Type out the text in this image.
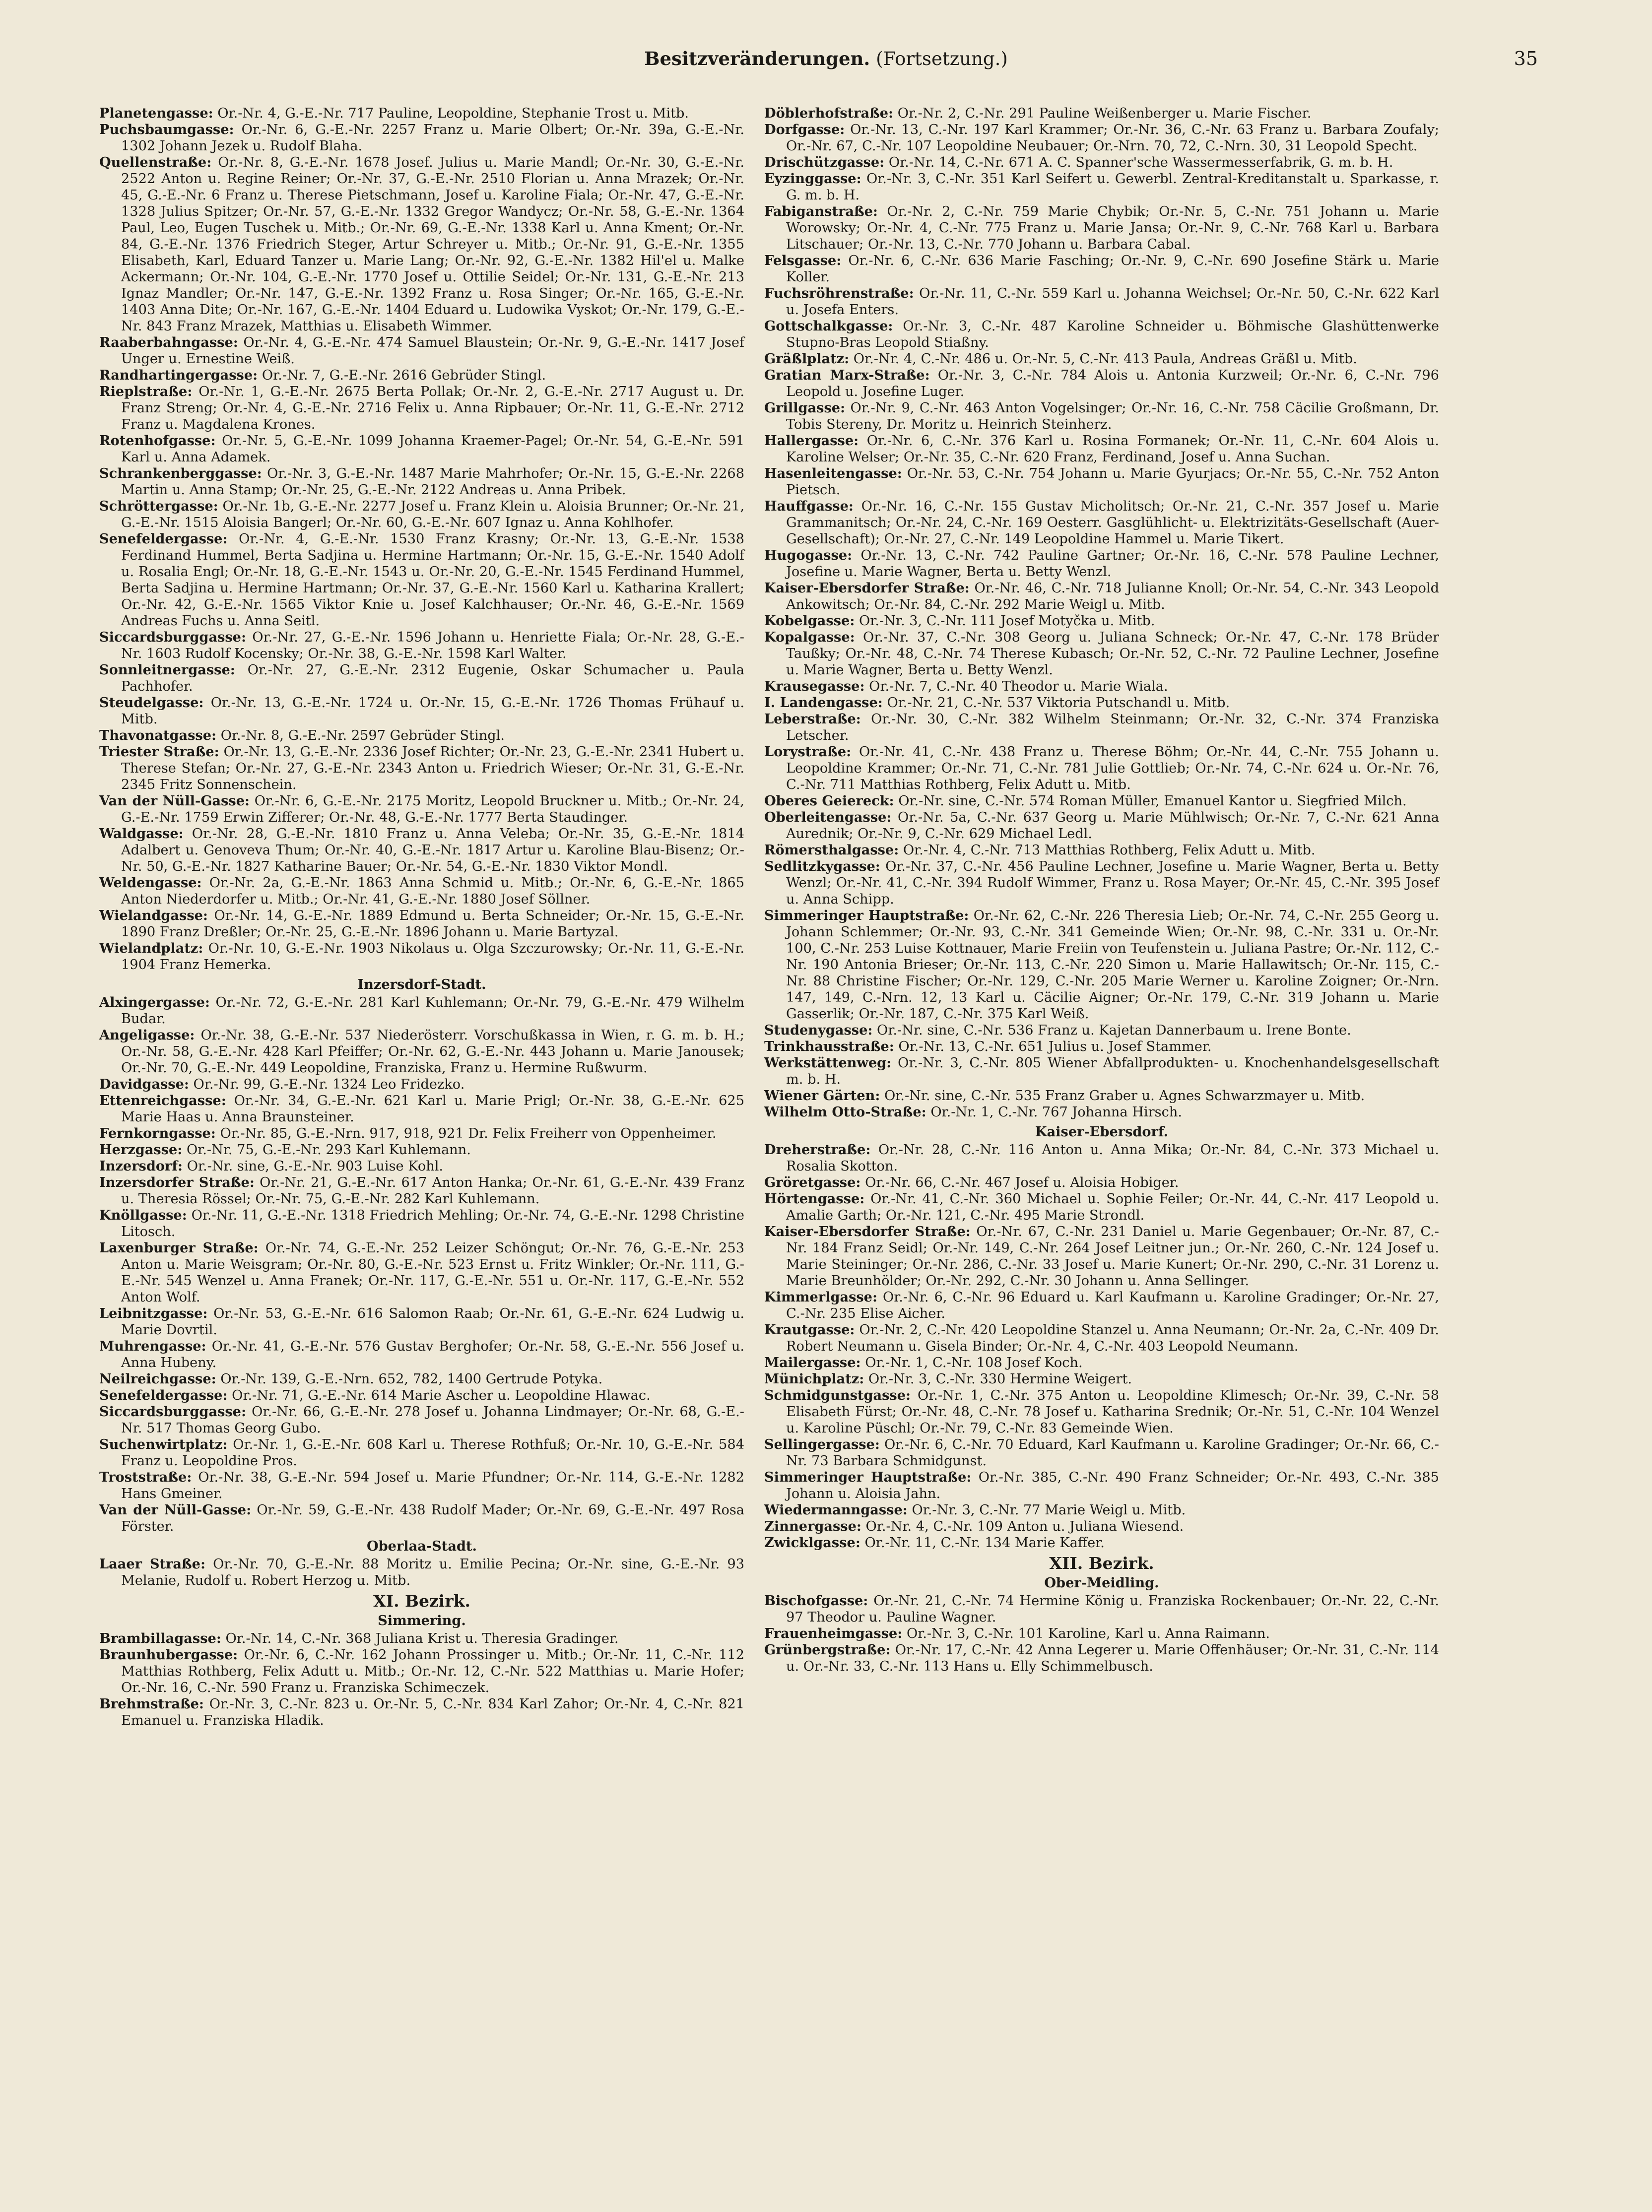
Besitzveränderungen. (Fortsetzung.)	35

Planetengasse: Or.-Nr. 4, G.-E.-Nr. 717 Pauline, Leopoldine, Stephanie Trost u. Mitb.

Puchsbaumgasse: Or.-Nr. 6, G.-E.-Nr. 2257 Franz u. Marie Olbert; Or.-Nr. 39a, G.-E.-Nr. 1302 Johann Jezek u. Rudolf Blaha.

Quellenstraße: Or.-Nr. 8, G.-E.-Nr. 1678 Josef. Julius u. Marie Mandl; Or.-Nr. 30, G.-E.-Nr. 2522 Anton u. Regine Reiner; Or.-Nr. 37, G.-E.-Nr. 2510 Florian u. Anna Mrazek; Or.-Nr. 45, G.-E.-Nr. 6 Franz u. Therese Pietschmann, Josef u. Karoline Fiala; Or.-Nr. 47, G.-E.-Nr. 1328 Julius Spitzer; Or.-Nr. 57, G.-E.-Nr. 1332 Gregor Wandycz; Or.-Nr. 58, G.-E.-Nr. 1364 Paul, Leo, Eugen Tuschek u. Mitb.; Or.-Nr. 69, G.-E.-Nr. 1338 Karl u. Anna Kment; Or.-Nr. 84, G.-E.-Nr. 1376 Friedrich Steger, Artur Schreyer u. Mitb.; Or.-Nr. 91, G.-E.-Nr. 1355 Elisabeth, Karl, Eduard Tanzer u. Marie Lang; Or.-Nr. 92, G.-E.-Nr. 1382 Hil'el u. Malke Ackermann; Or.-Nr. 104, G.-E.-Nr. 1770 Josef u. Ottilie Seidel; Or.-Nr. 131, G.-E.-Nr. 213 Ignaz Mandler; Or.-Nr. 147, G.-E.-Nr. 1392 Franz u. Rosa Singer; Or.-Nr. 165, G.-E.-Nr. 1403 Anna Dite; Or.-Nr. 167, G.-E.-Nr. 1404 Eduard u. Ludowika Vyskot; Or.-Nr. 179, G.-E.-Nr. 843 Franz Mrazek, Matthias u. Elisabeth Wimmer.

Raaberbahngasse: Or.-Nr. 4, G.-E.-Nr. 474 Samuel Blaustein; Or.-Nr. 9, G.-E.-Nr. 1417 Josef Unger u. Ernestine Weiß.

Randhartingergasse: Or.-Nr. 7, G.-E.-Nr. 2616 Gebrüder Stingl.

Rieplstraße: Or.-Nr. 1, G.-E.-Nr. 2675 Berta Pollak; Or.-Nr. 2, G.-E.-Nr. 2717 August u. Dr. Franz Streng; Or.-Nr. 4, G.-E.-Nr. 2716 Felix u. Anna Ripbauer; Or.-Nr. 11, G.-E.-Nr. 2712 Franz u. Magdalena Krones.

Rotenhofgasse: Or.-Nr. 5, G.-E.-Nr. 1099 Johanna Kraemer-Pagel; Or.-Nr. 54, G.-E.-Nr. 591 Karl u. Anna Adamek.

Schrankenberggasse: Or.-Nr. 3, G.-E.-Nr. 1487 Marie Mahrhofer; Or.-Nr. 15, G.-E.-Nr. 2268 Martin u. Anna Stamp; Or.-Nr. 25, G.-E.-Nr. 2122 Andreas u. Anna Pribek.

Schröttergasse: Or.-Nr. 1b, G.-E.-Nr. 2277 Josef u. Franz Klein u. Aloisia Brunner; Or.-Nr. 21, G.-E.-Nr. 1515 Aloisia Bangerl; Or.-Nr. 60, G.-E.-Nr. 607 Ignaz u. Anna Kohlhofer.

Senefeldergasse: Or.-Nr. 4, G.-E.-Nr. 1530 Franz Krasny; Or.-Nr. 13, G.-E.-Nr. 1538 Ferdinand Hummel, Berta Sadjina u. Hermine Hartmann; Or.-Nr. 15, G.-E.-Nr. 1540 Adolf u. Rosalia Engl; Or.-Nr. 18, G.-E.-Nr. 1543 u. Or.-Nr. 20, G.-E.-Nr. 1545 Ferdinand Hummel, Berta Sadjina u. Hermine Hartmann; Or.-Nr. 37, G.-E.-Nr. 1560 Karl u. Katharina Krallert; Or.-Nr. 42, G.-E.-Nr. 1565 Viktor Knie u. Josef Kalchhauser; Or.-Nr. 46, G.-E.-Nr. 1569 Andreas Fuchs u. Anna Seitl.

Siccardsburggasse: Or.-Nr. 27, G.-E.-Nr. 1596 Johann u. Henriette Fiala; Or.-Nr. 28, G.-E.-Nr. 1603 Rudolf Kocensky; Or.-Nr. 38, G.-E.-Nr. 1598 Karl Walter.

Sonnleitnergasse: Or.-Nr. 27, G.-E.-Nr. 2312 Eugenie, Oskar Schumacher u. Paula Pachhofer.

Steudelgasse: Or.-Nr. 13, G.-E.-Nr. 1724 u. Or.-Nr. 15, G.-E.-Nr. 1726 Thomas Frühauf u. Mitb.

Thavonatgasse: Or.-Nr. 8, G.-E.-Nr. 2597 Gebrüder Stingl.

Triester Straße: Or.-Nr. 13, G.-E.-Nr. 2336 Josef Richter; Or.-Nr. 23, G.-E.-Nr. 2341 Hubert u. Therese Stefan; Or.-Nr. 27, G.-E.-Nr. 2343 Anton u. Friedrich Wieser; Or.-Nr. 31, G.-E.-Nr. 2345 Fritz Sonnenschein.

Van der Nüll-Gasse: Or.-Nr. 6, G.-E.-Nr. 2175 Moritz, Leopold Bruckner u. Mitb.; Or.-Nr. 24, G.-E.-Nr. 1759 Erwin Zifferer; Or.-Nr. 48, G.-E.-Nr. 1777 Berta Staudinger.

Waldgasse: Or.-Nr. 28, G.-E.-Nr. 1810 Franz u. Anna Veleba; Or.-Nr. 35, G.-E.-Nr. 1814 Adalbert u. Genoveva Thum; Or.-Nr. 40, G.-E.-Nr. 1817 Artur u. Karoline Blau-Bisenz; Or.-Nr. 50, G.-E.-Nr. 1827 Katharine Bauer; Or.-Nr. 54, G.-E.-Nr. 1830 Viktor Mondl.

Weldengasse: Or.-Nr. 2a, G.-E.-Nr. 1863 Anna Schmid u. Mitb.; Or.-Nr. 6, G.-E.-Nr. 1865 Anton Niederdorfer u. Mitb.; Or.-Nr. 41, G.-E.-Nr. 1880 Josef Söllner.

Wielandgasse: Or.-Nr. 14, G.-E.-Nr. 1889 Edmund u. Berta Schneider; Or.-Nr. 15, G.-E.-Nr. 1890 Franz Dreßler; Or.-Nr. 25, G.-E.-Nr. 1896 Johann u. Marie Bartyzal.

Wielandplatz: Or.-Nr. 10, G.-E.-Nr. 1903 Nikolaus u. Olga Szczurowsky; Or.-Nr. 11, G.-E.-Nr. 1904 Franz Hemerka.

Inzersdorf-Stadt.

Alxingergasse: Or.-Nr. 72, G.-E.-Nr. 281 Karl Kuhlemann; Or.-Nr. 79, G.-E.-Nr. 479 Wilhelm Budar.

Angeligasse: Or.-Nr. 38, G.-E.-Nr. 537 Niederösterr. Vorschußkassa in Wien, r. G. m. b. H.; Or.-Nr. 58, G.-E.-Nr. 428 Karl Pfeiffer; Or.-Nr. 62, G.-E.-Nr. 443 Johann u. Marie Janousek; Or.-Nr. 70, G.-E.-Nr. 449 Leopoldine, Franziska, Franz u. Hermine Rußwurm.

Davidgasse: Or.-Nr. 99, G.-E.-Nr. 1324 Leo Fridezko.

Ettenreichgasse: Or.-Nr. 34, G.-E.-Nr. 621 Karl u. Marie Prigl; Or.-Nr. 38, G.-E.-Nr. 625 Marie Haas u. Anna Braunsteiner.

Fernkorngasse: Or.-Nr. 85, G.-E.-Nrn. 917, 918, 921 Dr. Felix Freiherr von Oppenheimer.

Herzgasse: Or.-Nr. 75, G.-E.-Nr. 293 Karl Kuhlemann.

Inzersdorf: Or.-Nr. sine, G.-E.-Nr. 903 Luise Kohl.

Inzersdorfer Straße: Or.-Nr. 21, G.-E.-Nr. 617 Anton Hanka; Or.-Nr. 61, G.-E.-Nr. 439 Franz u. Theresia Rössel; Or.-Nr. 75, G.-E.-Nr. 282 Karl Kuhlemann.

Knöllgasse: Or.-Nr. 11, G.-E.-Nr. 1318 Friedrich Mehling; Or.-Nr. 74, G.-E.-Nr. 1298 Christine Litosch.

Laxenburger Straße: Or.-Nr. 74, G.-E.-Nr. 252 Leizer Schöngut; Or.-Nr. 76, G.-E.-Nr. 253 Anton u. Marie Weisgram; Or.-Nr. 80, G.-E.-Nr. 523 Ernst u. Fritz Winkler; Or.-Nr. 111, G.-E.-Nr. 545 Wenzel u. Anna Franek; Or.-Nr. 117, G.-E.-Nr. 551 u. Or.-Nr. 117, G.-E.-Nr. 552 Anton Wolf.

Leibnitzgasse: Or.-Nr. 53, G.-E.-Nr. 616 Salomon Raab; Or.-Nr. 61, G.-E.-Nr. 624 Ludwig u. Marie Dovrtil.

Muhrengasse: Or.-Nr. 41, G.-E.-Nr. 576 Gustav Berghofer; Or.-Nr. 58, G.-E.-Nr. 556 Josef u. Anna Hubeny.

Neilreichgasse: Or.-Nr. 139, G.-E.-Nrn. 652, 782, 1400 Gertrude Potyka.

Senefeldergasse: Or.-Nr. 71, G.-E.-Nr. 614 Marie Ascher u. Leopoldine Hlawac.

Siccardsburggasse: Or.-Nr. 66, G.-E.-Nr. 278 Josef u. Johanna Lindmayer; Or.-Nr. 68, G.-E.-Nr. 517 Thomas Georg Gubo.

Suchenwirtplatz: Or.-Nr. 1, G.-E.-Nr. 608 Karl u. Therese Rothfuß; Or.-Nr. 10, G.-E.-Nr. 584 Franz u. Leopoldine Pros.

Troststraße: Or.-Nr. 38, G.-E.-Nr. 594 Josef u. Marie Pfundner; Or.-Nr. 114, G.-E.-Nr. 1282 Hans Gmeiner.

Van der Nüll-Gasse: Or.-Nr. 59, G.-E.-Nr. 438 Rudolf Mader; Or.-Nr. 69, G.-E.-Nr. 497 Rosa Förster.

Oberlaa-Stadt.

Laaer Straße: Or.-Nr. 70, G.-E.-Nr. 88 Moritz u. Emilie Pecina; Or.-Nr. sine, G.-E.-Nr. 93 Melanie, Rudolf u. Robert Herzog u. Mitb.

XI. Bezirk.
Simmering.

Brambillagasse: Or.-Nr. 14, C.-Nr. 368 Juliana Krist u. Theresia Gradinger.

Braunhubergasse: Or.-Nr. 6, C.-Nr. 162 Johann Prossinger u. Mitb.; Or.-Nr. 11, C.-Nr. 112 Matthias Rothberg, Felix Adutt u. Mitb.; Or.-Nr. 12, C.-Nr. 522 Matthias u. Marie Hofer; Or.-Nr. 16, C.-Nr. 590 Franz u. Franziska Schimeczek.

Brehmstraße: Or.-Nr. 3, C.-Nr. 823 u. Or.-Nr. 5, C.-Nr. 834 Karl Zahor; Or.-Nr. 4, C.-Nr. 821 Emanuel u. Franziska Hladik.

Döblerhofstraße: Or.-Nr. 2, C.-Nr. 291 Pauline Weißenberger u. Marie Fischer.

Dorfgasse: Or.-Nr. 13, C.-Nr. 197 Karl Krammer; Or.-Nr. 36, C.-Nr. 63 Franz u. Barbara Zoufaly; Or.-Nr. 67, C.-Nr. 107 Leopoldine Neubauer; Or.-Nrn. 70, 72, C.-Nrn. 30, 31 Leopold Specht.

Drischützgasse: Or.-Nr. 14, C.-Nr. 671 A. C. Spanner'sche Wassermesserfabrik, G. m. b. H.

Eyzinggasse: Or.-Nr. 3, C.-Nr. 351 Karl Seifert u. Gewerbl. Zentral-Kreditanstalt u. Sparkasse, r. G. m. b. H.

Fabiganstraße: Or.-Nr. 2, C.-Nr. 759 Marie Chybik; Or.-Nr. 5, C.-Nr. 751 Johann u. Marie Worowsky; Or.-Nr. 4, C.-Nr. 775 Franz u. Marie Jansa; Or.-Nr. 9, C.-Nr. 768 Karl u. Barbara Litschauer; Or.-Nr. 13, C.-Nr. 770 Johann u. Barbara Cabal.

Felsgasse: Or.-Nr. 6, C.-Nr. 636 Marie Fasching; Or.-Nr. 9, C.-Nr. 690 Josefine Stärk u. Marie Koller.

Fuchsröhrenstraße: Or.-Nr. 11, C.-Nr. 559 Karl u. Johanna Weichsel; Or.-Nr. 50, C.-Nr. 622 Karl u. Josefa Enters.

Gottschalkgasse: Or.-Nr. 3, C.-Nr. 487 Karoline Schneider u. Böhmische Glashüttenwerke Stupno-Bras Leopold Stiaßny.

Gräßlplatz: Or.-Nr. 4, C.-Nr. 486 u. Or.-Nr. 5, C.-Nr. 413 Paula, Andreas Gräßl u. Mitb.

Gratian Marx-Straße: Or.-Nr. 3, C.-Nr. 784 Alois u. Antonia Kurzweil; Or.-Nr. 6, C.-Nr. 796 Leopold u. Josefine Luger.

Grillgasse: Or.-Nr. 9, C.-Nr. 463 Anton Vogelsinger; Or.-Nr. 16, C.-Nr. 758 Cäcilie Großmann, Dr. Tobis Stereny, Dr. Moritz u. Heinrich Steinherz.

Hallergasse: Or.-Nr. 6, C.-Nr. 376 Karl u. Rosina Formanek; Or.-Nr. 11, C.-Nr. 604 Alois u. Karoline Welser; Or.-Nr. 35, C.-Nr. 620 Franz, Ferdinand, Josef u. Anna Suchan.

Hasenleitengasse: Or.-Nr. 53, C.-Nr. 754 Johann u. Marie Gyurjacs; Or.-Nr. 55, C.-Nr. 752 Anton Pietsch.

Hauffgasse: Or.-Nr. 16, C.-Nr. 155 Gustav Micholitsch; Or.-Nr. 21, C.-Nr. 357 Josef u. Marie Grammanitsch; Or.-Nr. 24, C.-Nr. 169 Oesterr. Gasglühlicht- u. Elektrizitäts-Gesellschaft (Auer-Gesellschaft); Or.-Nr. 27, C.-Nr. 149 Leopoldine Hammel u. Marie Tikert.

Hugogasse: Or.-Nr. 13, C.-Nr. 742 Pauline Gartner; Or.-Nr. 16, C.-Nr. 578 Pauline Lechner, Josefine u. Marie Wagner, Berta u. Betty Wenzl.

Kaiser-Ebersdorfer Straße: Or.-Nr. 46, C.-Nr. 718 Julianne Knoll; Or.-Nr. 54, C.-Nr. 343 Leopold Ankowitsch; Or.-Nr. 84, C.-Nr. 292 Marie Weigl u. Mitb.

Kobelgasse: Or.-Nr. 3, C.-Nr. 111 Josef Motyčka u. Mitb.

Kopalgasse: Or.-Nr. 37, C.-Nr. 308 Georg u. Juliana Schneck; Or.-Nr. 47, C.-Nr. 178 Brüder Taußky; Or.-Nr. 48, C.-Nr. 74 Therese Kubasch; Or.-Nr. 52, C.-Nr. 72 Pauline Lechner, Josefine u. Marie Wagner, Berta u. Betty Wenzl.

Krausegasse: Or.-Nr. 7, C.-Nr. 40 Theodor u. Marie Wiala.

I. Landengasse: Or.-Nr. 21, C.-Nr. 537 Viktoria Putschandl u. Mitb.

Leberstraße: Or.-Nr. 30, C.-Nr. 382 Wilhelm Steinmann; Or.-Nr. 32, C.-Nr. 374 Franziska Letscher.

Lorystraße: Or.-Nr. 41, C.-Nr. 438 Franz u. Therese Böhm; Or.-Nr. 44, C.-Nr. 755 Johann u. Leopoldine Krammer; Or.-Nr. 71, C.-Nr. 781 Julie Gottlieb; Or.-Nr. 74, C.-Nr. 624 u. Or.-Nr. 76, C.-Nr. 711 Matthias Rothberg, Felix Adutt u. Mitb.

Oberes Geiereck: Or.-Nr. sine, C.-Nr. 574 Roman Müller, Emanuel Kantor u. Siegfried Milch.

Oberleitengasse: Or.-Nr. 5a, C.-Nr. 637 Georg u. Marie Mühlwisch; Or.-Nr. 7, C.-Nr. 621 Anna Aurednik; Or.-Nr. 9, C.-Nr. 629 Michael Ledl.

Römersthalgasse: Or.-Nr. 4, C.-Nr. 713 Matthias Rothberg, Felix Adutt u. Mitb.

Sedlitzkygasse: Or.-Nr. 37, C.-Nr. 456 Pauline Lechner, Josefine u. Marie Wagner, Berta u. Betty Wenzl; Or.-Nr. 41, C.-Nr. 394 Rudolf Wimmer, Franz u. Rosa Mayer; Or.-Nr. 45, C.-Nr. 395 Josef u. Anna Schipp.

Simmeringer Hauptstraße: Or.-Nr. 62, C.-Nr. 226 Theresia Lieb; Or.-Nr. 74, C.-Nr. 255 Georg u. Johann Schlemmer; Or.-Nr. 93, C.-Nr. 341 Gemeinde Wien; Or.-Nr. 98, C.-Nr. 331 u. Or.-Nr. 100, C.-Nr. 253 Luise Kottnauer, Marie Freiin von Teufenstein u. Juliana Pastre; Or.-Nr. 112, C.-Nr. 190 Antonia Brieser; Or.-Nr. 113, C.-Nr. 220 Simon u. Marie Hallawitsch; Or.-Nr. 115, C.-Nr. 88 Christine Fischer; Or.-Nr. 129, C.-Nr. 205 Marie Werner u. Karoline Zoigner; Or.-Nrn. 147, 149, C.-Nrn. 12, 13 Karl u. Cäcilie Aigner; Or.-Nr. 179, C.-Nr. 319 Johann u. Marie Gasserlik; Or.-Nr. 187, C.-Nr. 375 Karl Weiß.

Studenygasse: Or.-Nr. sine, C.-Nr. 536 Franz u. Kajetan Dannerbaum u. Irene Bonte.

Trinkhausstraße: Or.-Nr. 13, C.-Nr. 651 Julius u. Josef Stammer.

Werkstättenweg: Or.-Nr. 3, C.-Nr. 805 Wiener Abfallprodukten- u. Knochenhandelsgesellschaft m. b. H.

Wiener Gärten: Or.-Nr. sine, C.-Nr. 535 Franz Graber u. Agnes Schwarzmayer u. Mitb.

Wilhelm Otto-Straße: Or.-Nr. 1, C.-Nr. 767 Johanna Hirsch.

Kaiser-Ebersdorf.

Dreherstraße: Or.-Nr. 28, C.-Nr. 116 Anton u. Anna Mika; Or.-Nr. 84, C.-Nr. 373 Michael u. Rosalia Skotton.

Gröretgasse: Or.-Nr. 66, C.-Nr. 467 Josef u. Aloisia Hobiger.

Hörtengasse: Or.-Nr. 41, C.-Nr. 360 Michael u. Sophie Feiler; Or.-Nr. 44, C.-Nr. 417 Leopold u. Amalie Garth; Or.-Nr. 121, C.-Nr. 495 Marie Strondl.

Kaiser-Ebersdorfer Straße: Or.-Nr. 67, C.-Nr. 231 Daniel u. Marie Gegenbauer; Or.-Nr. 87, C.-Nr. 184 Franz Seidl; Or.-Nr. 149, C.-Nr. 264 Josef Leitner jun.; Or.-Nr. 260, C.-Nr. 124 Josef u. Marie Steininger; Or.-Nr. 286, C.-Nr. 33 Josef u. Marie Kunert; Or.-Nr. 290, C.-Nr. 31 Lorenz u. Marie Breunhölder; Or.-Nr. 292, C.-Nr. 30 Johann u. Anna Sellinger.

Kimmerlgasse: Or.-Nr. 6, C.-Nr. 96 Eduard u. Karl Kaufmann u. Karoline Gradinger; Or.-Nr. 27, C.-Nr. 235 Elise Aicher.

Krautgasse: Or.-Nr. 2, C.-Nr. 420 Leopoldine Stanzel u. Anna Neumann; Or.-Nr. 2a, C.-Nr. 409 Dr. Robert Neumann u. Gisela Binder; Or.-Nr. 4, C.-Nr. 403 Leopold Neumann.

Mailergasse: Or.-Nr. 1, C.-Nr. 108 Josef Koch.

Münichplatz: Or.-Nr. 3, C.-Nr. 330 Hermine Weigert.

Schmidgunstgasse: Or.-Nr. 1, C.-Nr. 375 Anton u. Leopoldine Klimesch; Or.-Nr. 39, C.-Nr. 58 Elisabeth Fürst; Or.-Nr. 48, C.-Nr. 78 Josef u. Katharina Srednik; Or.-Nr. 51, C.-Nr. 104 Wenzel u. Karoline Püschl; Or.-Nr. 79, C.-Nr. 83 Gemeinde Wien.

Sellingergasse: Or.-Nr. 6, C.-Nr. 70 Eduard, Karl Kaufmann u. Karoline Gradinger; Or.-Nr. 66, C.-Nr. 73 Barbara Schmidgunst.

Simmeringer Hauptstraße: Or.-Nr. 385, C.-Nr. 490 Franz Schneider; Or.-Nr. 493, C.-Nr. 385 Johann u. Aloisia Jahn.

Wiedermanngasse: Or.-Nr. 3, C.-Nr. 77 Marie Weigl u. Mitb.

Zinnergasse: Or.-Nr. 4, C.-Nr. 109 Anton u. Juliana Wiesend.

Zwicklgasse: Or.-Nr. 11, C.-Nr. 134 Marie Kaffer.

XII. Bezirk.
Ober-Meidling.

Bischofgasse: Or.-Nr. 21, C.-Nr. 74 Hermine König u. Franziska Rockenbauer; Or.-Nr. 22, C.-Nr. 97 Theodor u. Pauline Wagner.

Frauenheimgasse: Or.-Nr. 3, C.-Nr. 101 Karoline, Karl u. Anna Raimann.

Grünbergstraße: Or.-Nr. 17, C.-Nr. 42 Anna Legerer u. Marie Offenhäuser; Or.-Nr. 31, C.-Nr. 114 u. Or.-Nr. 33, C.-Nr. 113 Hans u. Elly Schimmelbusch.
